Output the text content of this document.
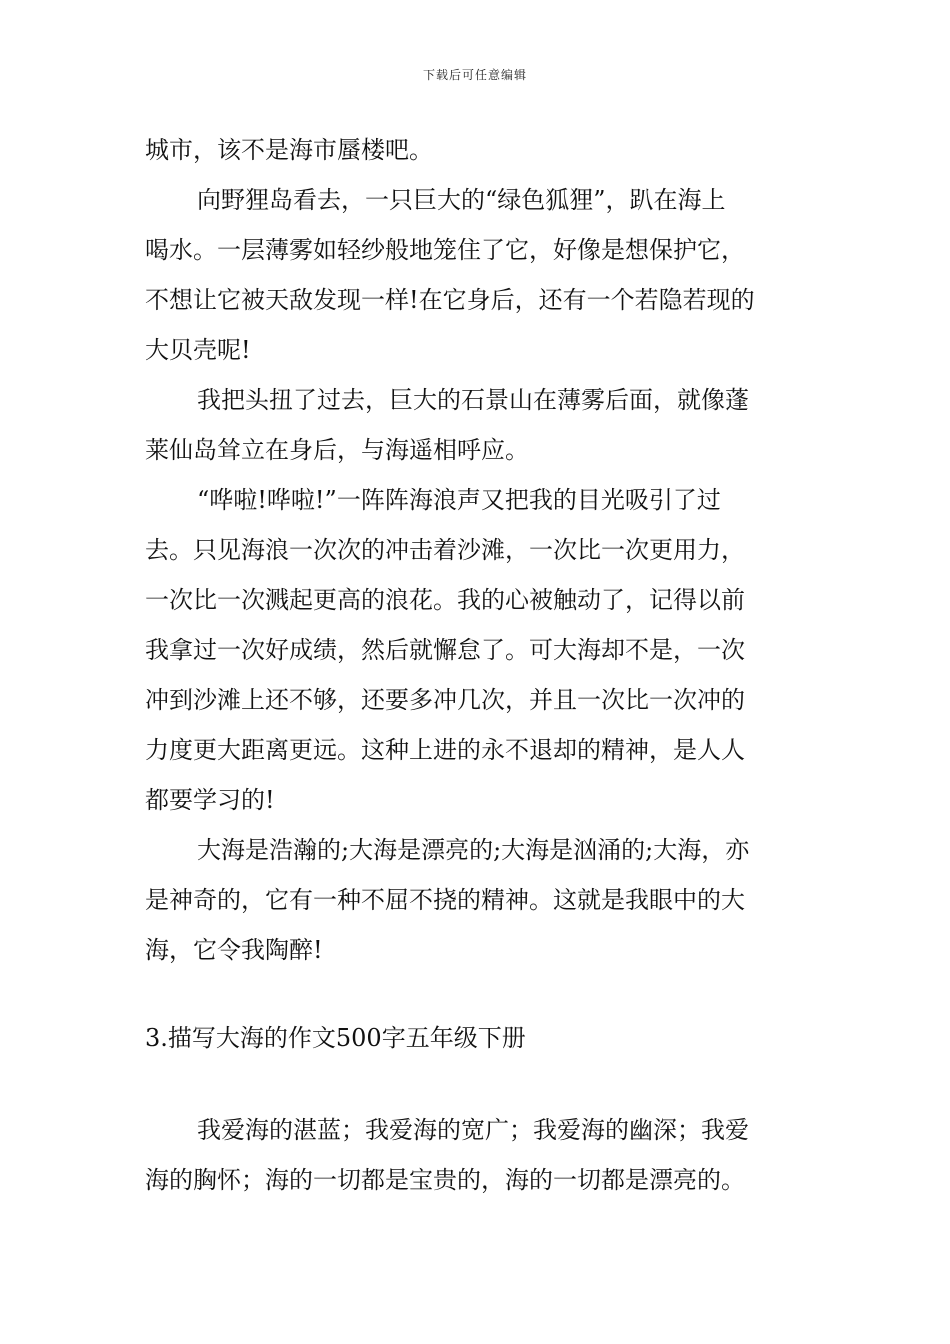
下载后可任意编辑
城市，该不是海市蜃楼吧。
向野狸岛看去，一只巨大的“绿色狐狸”，趴在海上
喝水。一层薄雾如轻纱般地笼住了它，好像是想保护它，
不想让它被天敌发现一样!在它身后，还有一个若隐若现的
大贝壳呢!
我把头扭了过去，巨大的石景山在薄雾后面，就像蓬
莱仙岛耸立在身后，与海遥相呼应。
“哗啦!哗啦!”一阵阵海浪声又把我的目光吸引了过
去。只见海浪一次次的冲击着沙滩，一次比一次更用力，
一次比一次溅起更高的浪花。我的心被触动了，记得以前
我拿过一次好成绩，然后就懈怠了。可大海却不是，一次
冲到沙滩上还不够，还要多冲几次，并且一次比一次冲的
力度更大距离更远。这种上进的永不退却的精神，是人人
都要学习的!
大海是浩瀚的;大海是漂亮的;大海是汹涌的;大海，亦
是神奇的，它有一种不屈不挠的精神。这就是我眼中的大
海，它令我陶醉!
3.描写大海的作文500字五年级下册
我爱海的湛蓝；我爱海的宽广；我爱海的幽深；我爱
海的胸怀；海的一切都是宝贵的，海的一切都是漂亮的。
